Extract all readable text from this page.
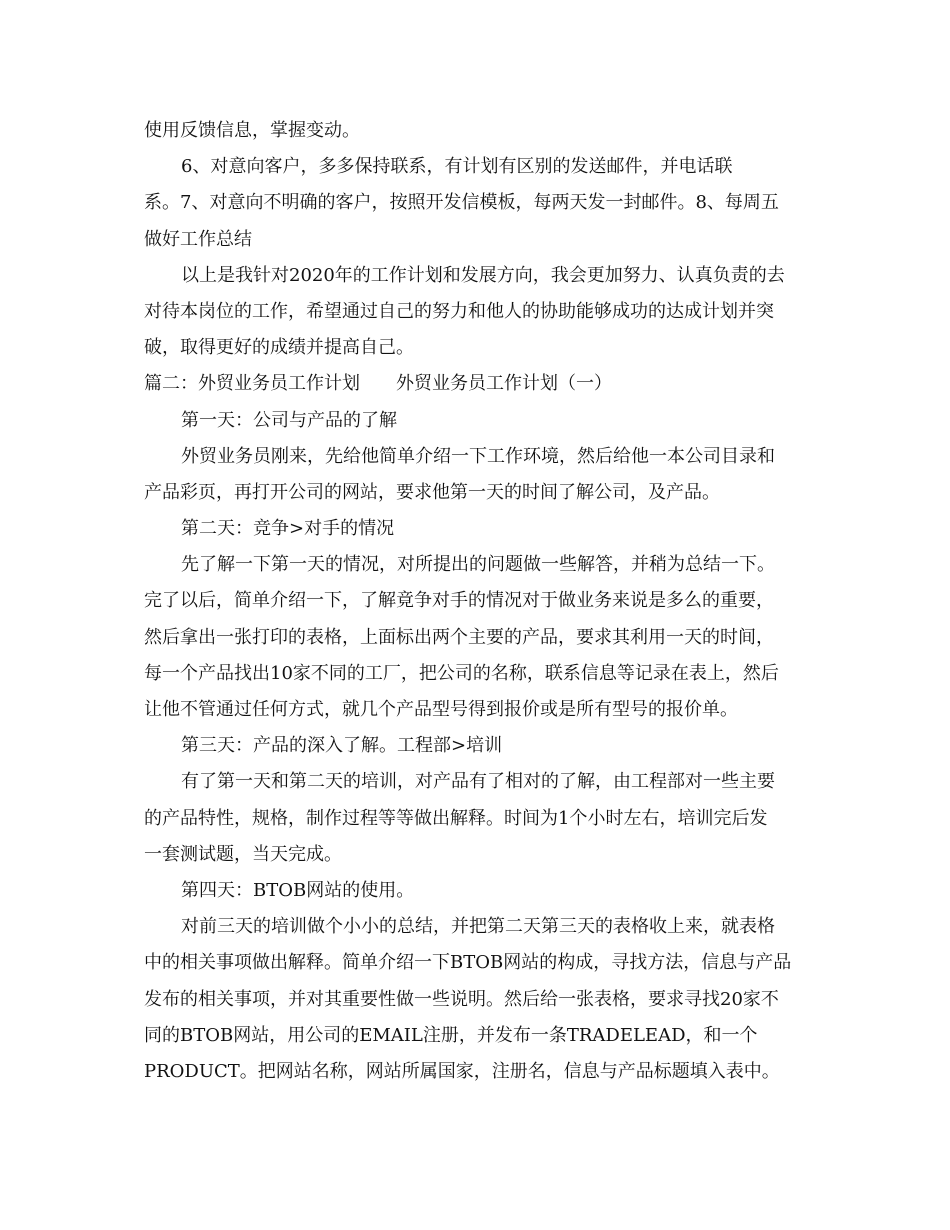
使用反馈信息，掌握变动。
6、对意向客户，多多保持联系，有计划有区别的发送邮件，并电话联
系。7、对意向不明确的客户，按照开发信模板，每两天发一封邮件。8、每周五
做好工作总结
以上是我针对2020年的工作计划和发展方向，我会更加努力、认真负责的去
对待本岗位的工作，希望通过自己的努力和他人的协助能够成功的达成计划并突
破，取得更好的成绩并提高自己。
篇二：外贸业务员工作计划　　外贸业务员工作计划（一）
第一天：公司与产品的了解
外贸业务员刚来，先给他简单介绍一下工作环境，然后给他一本公司目录和
产品彩页，再打开公司的网站，要求他第一天的时间了解公司，及产品。
第二天：竞争>对手的情况
先了解一下第一天的情况，对所提出的问题做一些解答，并稍为总结一下。
完了以后，简单介绍一下，了解竟争对手的情况对于做业务来说是多么的重要，
然后拿出一张打印的表格，上面标出两个主要的产品，要求其利用一天的时间，
每一个产品找出10家不同的工厂，把公司的名称，联系信息等记录在表上，然后
让他不管通过任何方式，就几个产品型号得到报价或是所有型号的报价单。
第三天：产品的深入了解。工程部>培训
有了第一天和第二天的培训，对产品有了相对的了解，由工程部对一些主要
的产品特性，规格，制作过程等等做出解释。时间为1个小时左右，培训完后发
一套测试题，当天完成。
第四天：BTOB网站的使用。
对前三天的培训做个小小的总结，并把第二天第三天的表格收上来，就表格
中的相关事项做出解释。简单介绍一下BTOB网站的构成，寻找方法，信息与产品
发布的相关事项，并对其重要性做一些说明。然后给一张表格，要求寻找20家不
同的BTOB网站，用公司的EMAIL注册，并发布一条TRADELEAD，和一个
PRODUCT。把网站名称，网站所属国家，注册名，信息与产品标题填入表中。
